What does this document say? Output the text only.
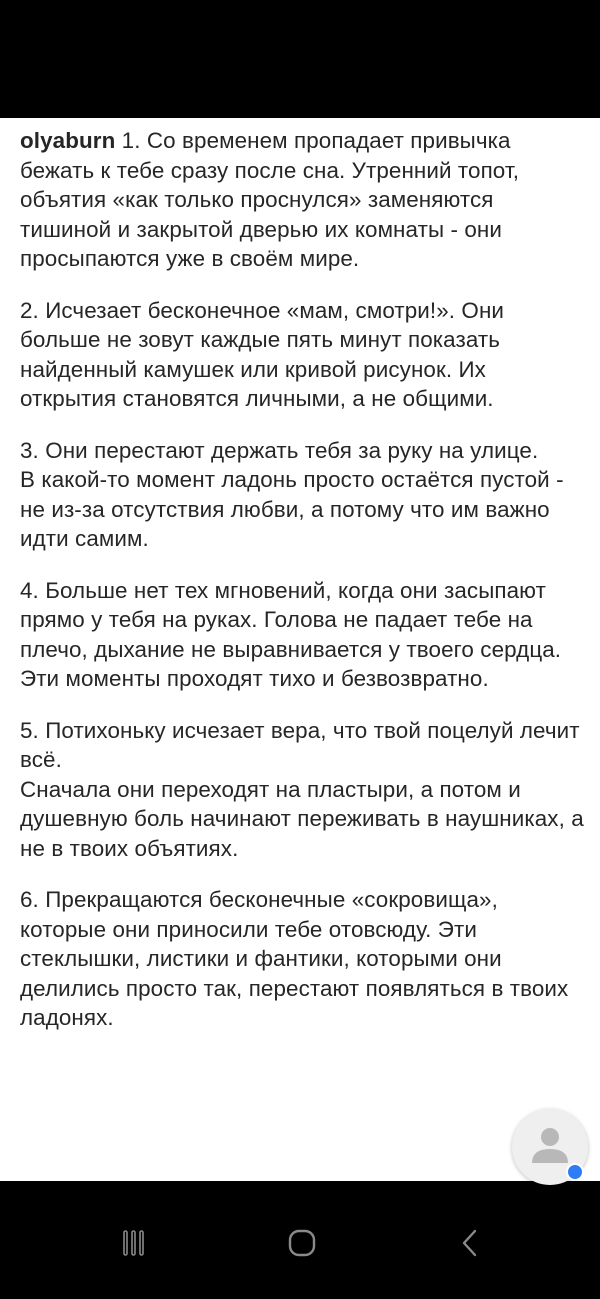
olyaburn 1. Со временем пропадает привычка бежать к тебе сразу после сна. Утренний топот, объятия «как только проснулся» заменяются тишиной и закрытой дверью их комнаты - они просыпаются уже в своём мире.

2. Исчезает бесконечное «мам, смотри!». Они больше не зовут каждые пять минут показать найденный камушек или кривой рисунок. Их открытия становятся личными, а не общими.

3. Они перестают держать тебя за руку на улице.
В какой-то момент ладонь просто остаётся пустой - не из-за отсутствия любви, а потому что им важно идти самим.

4. Больше нет тех мгновений, когда они засыпают прямо у тебя на руках. Голова не падает тебе на плечо, дыхание не выравнивается у твоего сердца. Эти моменты проходят тихо и безвозвратно.

5. Потихоньку исчезает вера, что твой поцелуй лечит всё.
Сначала они переходят на пластыри, а потом и душевную боль начинают переживать в наушниках, а не в твоих объятиях.

6. Прекращаются бесконечные «сокровища», которые они приносили тебе отовсюду. Эти стеклышки, листики и фантики, которыми они делились просто так, перестают появляться в твоих ладонях.
